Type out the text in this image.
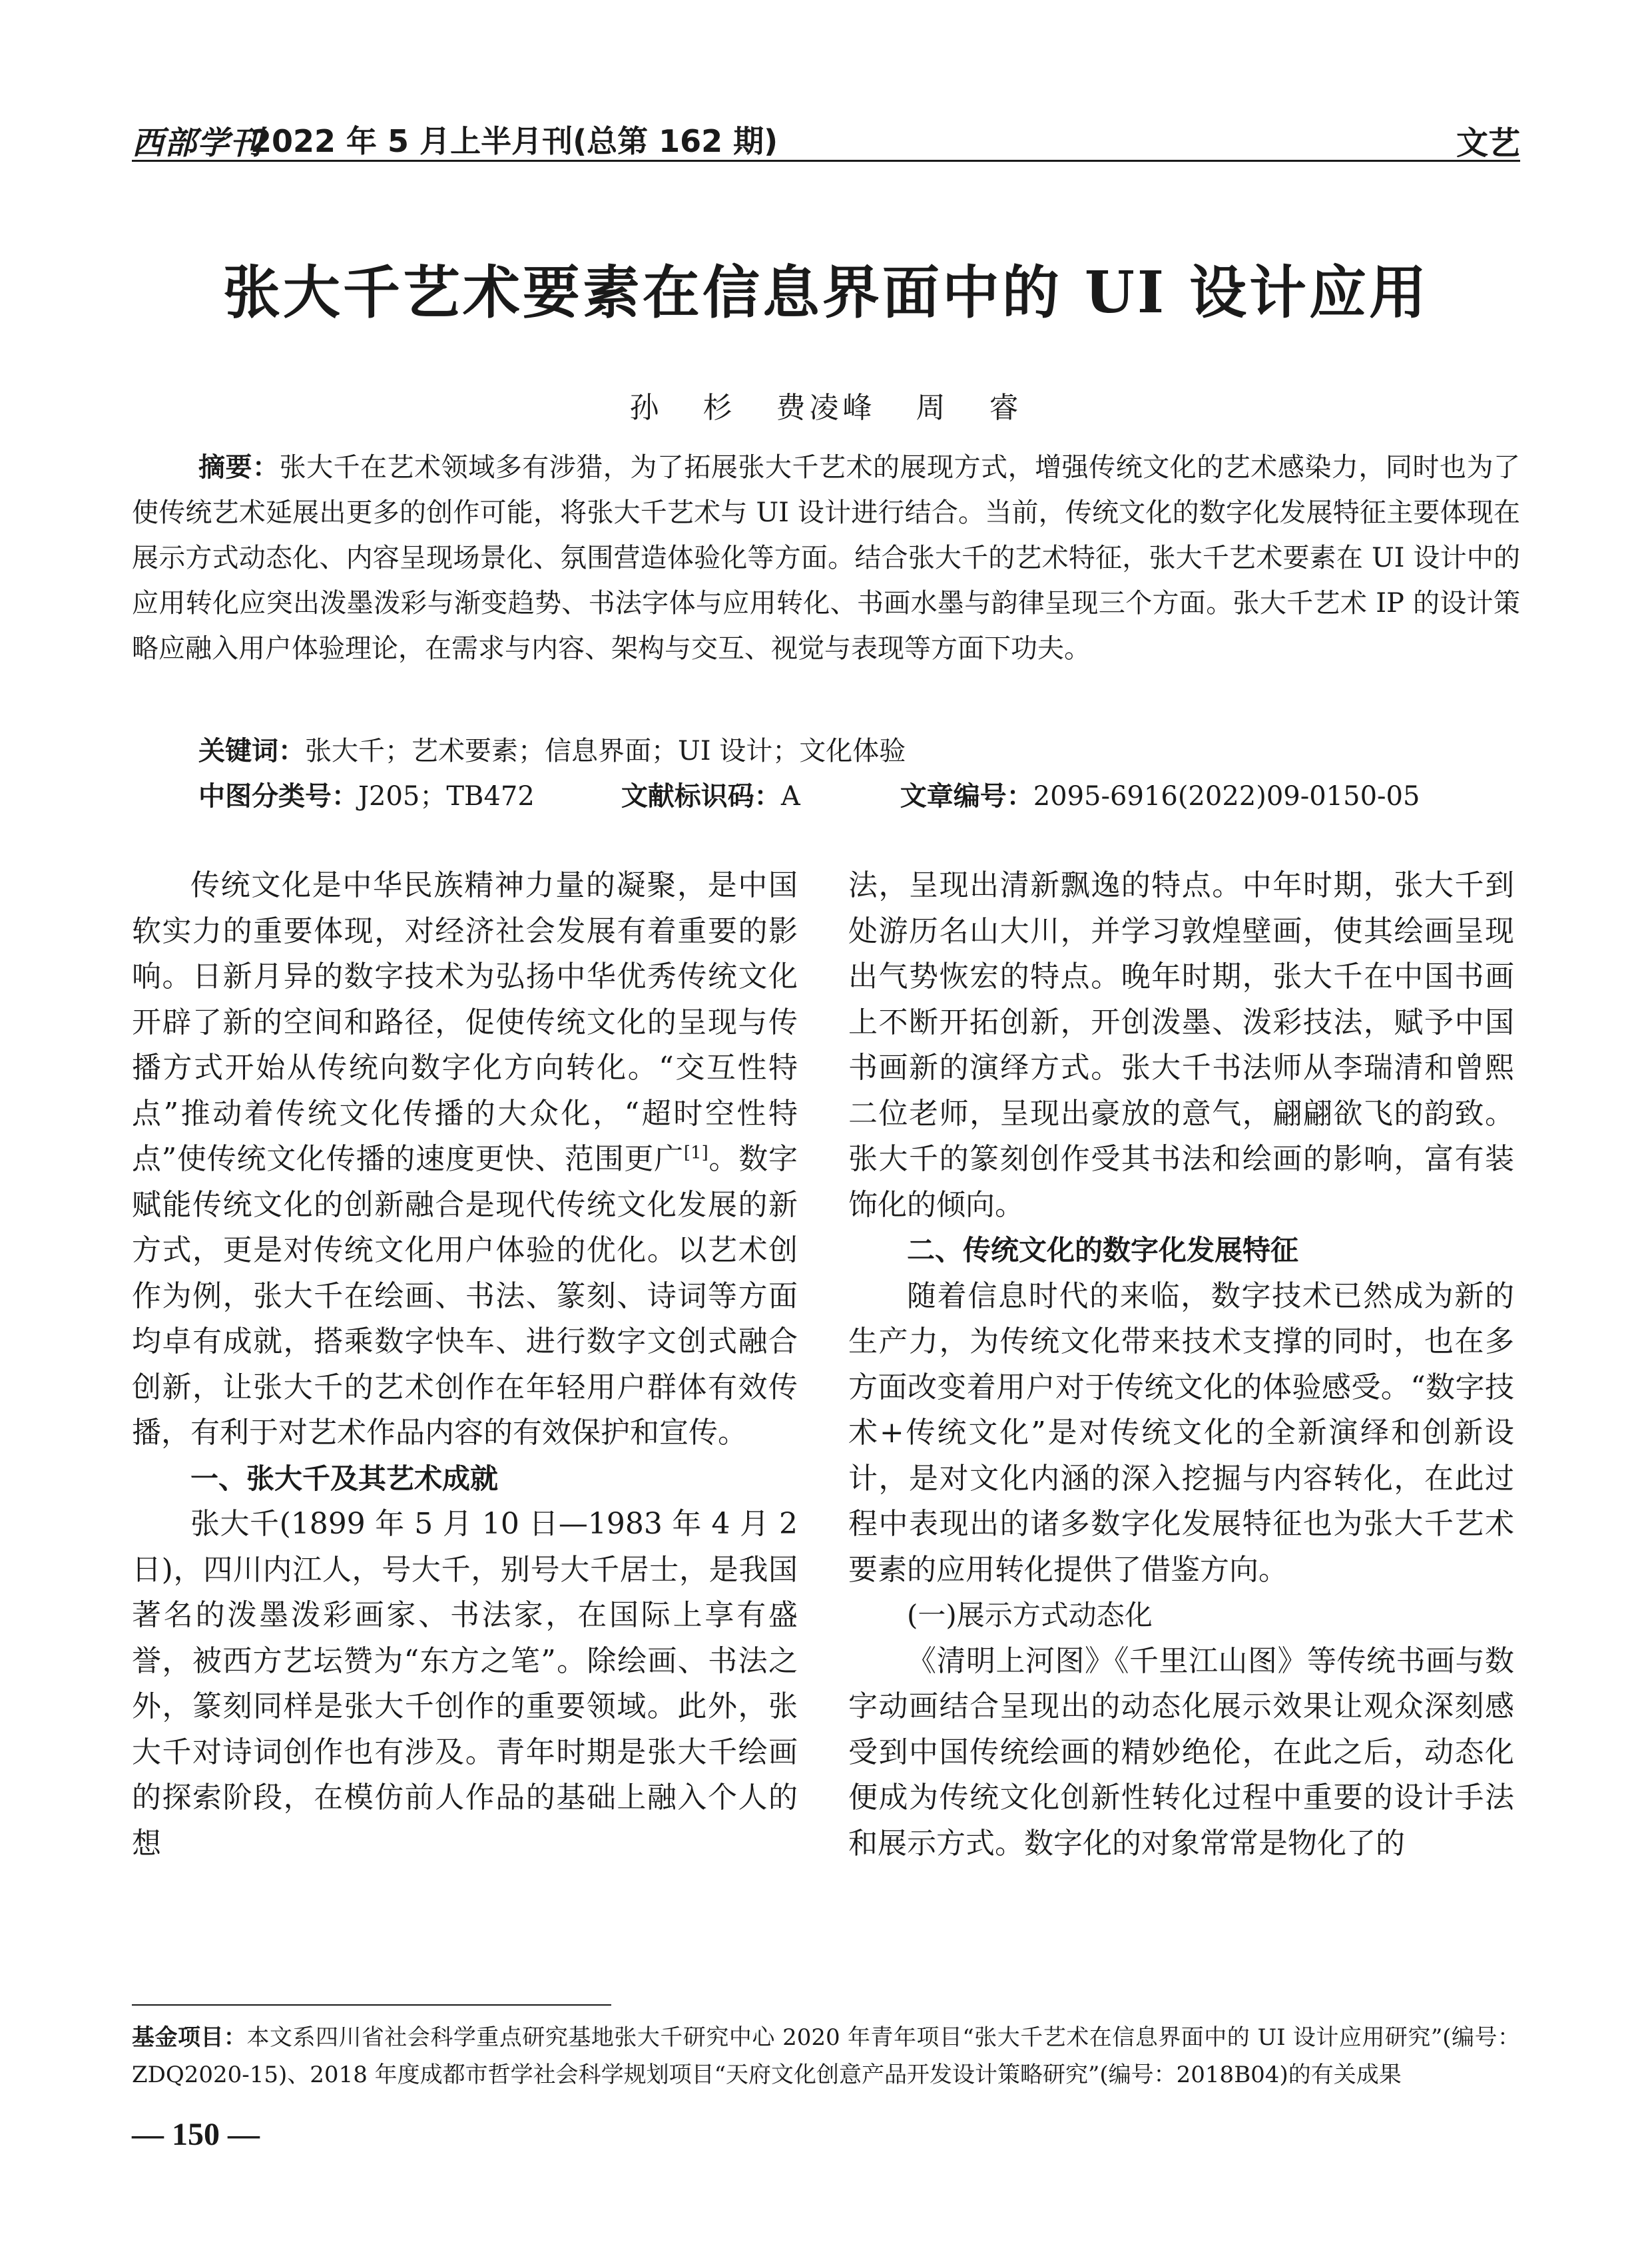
西部学刊
2022 年 5 月上半月刊(总第 162 期)	文艺
张大千艺术要素在信息界面中的 UI 设计应用
孙 杉 费凌峰 周 睿
摘要：张大千在艺术领域多有涉猎，为了拓展张大千艺术的展现方式，增强传统文化的艺术感染力，同时也为了使传统艺术延展出更多的创作可能，将张大千艺术与 UI 设计进行结合。当前，传统文化的数字化发展特征主要体现在展示方式动态化、内容呈现场景化、氛围营造体验化等方面。结合张大千的艺术特征，张大千艺术要素在 UI 设计中的应用转化应突出泼墨泼彩与渐变趋势、书法字体与应用转化、书画水墨与韵律呈现三个方面。张大千艺术 IP 的设计策略应融入用户体验理论，在需求与内容、架构与交互、视觉与表现等方面下功夫。
关键词：张大千；艺术要素；信息界面；UI 设计；文化体验
中图分类号：J205；TB472	文献标识码：A	文章编号：2095-6916(2022)09-0150-05

传统文化是中华民族精神力量的凝聚，是中国软实力的重要体现，对经济社会发展有着重要的影响。日新月异的数字技术为弘扬中华优秀传统文化开辟了新的空间和路径，促使传统文化的呈现与传播方式开始从传统向数字化方向转化。“交互性特点”推动着传统文化传播的大众化，“超时空性特点”使传统文化传播的速度更快、范围更广[1]。数字赋能传统文化的创新融合是现代传统文化发展的新方式，更是对传统文化用户体验的优化。以艺术创作为例，张大千在绘画、书法、篆刻、诗词等方面均卓有成就，搭乘数字快车、进行数字文创式融合创新，让张大千的艺术创作在年轻用户群体有效传播，有利于对艺术作品内容的有效保护和宣传。

一、张大千及其艺术成就

张大千(1899 年 5 月 10 日—1983 年 4 月 2 日)，四川内江人，号大千，别号大千居士，是我国著名的泼墨泼彩画家、书法家，在国际上享有盛誉，被西方艺坛赞为“东方之笔”。除绘画、书法之外，篆刻同样是张大千创作的重要领域。此外，张大千对诗词创作也有涉及。青年时期是张大千绘画的探索阶段，在模仿前人作品的基础上融入个人的想

法，呈现出清新飘逸的特点。中年时期，张大千到处游历名山大川，并学习敦煌壁画，使其绘画呈现出气势恢宏的特点。晚年时期，张大千在中国书画上不断开拓创新，开创泼墨、泼彩技法，赋予中国书画新的演绎方式。张大千书法师从李瑞清和曾熙二位老师，呈现出豪放的意气，翩翩欲飞的韵致。张大千的篆刻创作受其书法和绘画的影响，富有装饰化的倾向。

二、传统文化的数字化发展特征

随着信息时代的来临，数字技术已然成为新的生产力，为传统文化带来技术支撑的同时，也在多方面改变着用户对于传统文化的体验感受。“数字技术+传统文化”是对传统文化的全新演绎和创新设计，是对文化内涵的深入挖掘与内容转化，在此过程中表现出的诸多数字化发展特征也为张大千艺术要素的应用转化提供了借鉴方向。

(一)展示方式动态化

《清明上河图》《千里江山图》等传统书画与数字动画结合呈现出的动态化展示效果让观众深刻感受到中国传统绘画的精妙绝伦，在此之后，动态化便成为传统文化创新性转化过程中重要的设计手法和展示方式。数字化的对象常常是物化了的

基金项目：本文系四川省社会科学重点研究基地张大千研究中心 2020 年青年项目“张大千艺术在信息界面中的 UI 设计应用研究”(编号：ZDQ2020-15)、2018 年度成都市哲学社会科学规划项目“天府文化创意产品开发设计策略研究”(编号：2018B04)的有关成果
— 150 —
